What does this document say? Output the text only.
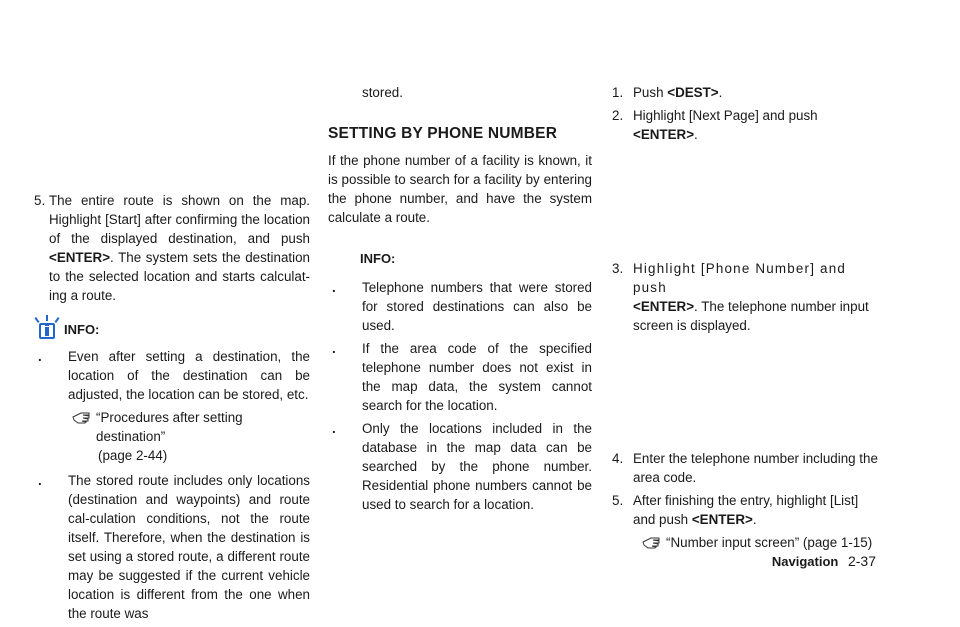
5. The entire route is shown on the map. Highlight [Start] after confirming the location of the displayed destination, and push <ENTER>. The system sets the destination to the selected location and starts calculat-ing a route.
INFO:
.	Even after setting a destination, the location of the destination can be adjusted, the location can be stored, etc.
“Procedures after setting destination”
(page 2-44)
.	The stored route includes only locations (destination and waypoints) and route cal-culation conditions, not the route itself. Therefore, when the destination is set using a stored route, a different route may be suggested if the current vehicle location is different from the one when the route was

stored.

SETTING BY PHONE NUMBER

If the phone number of a facility is known, it is possible to search for a facility by entering the phone number, and have the system calculate a route.

INFO:
.	Telephone numbers that were stored for stored destinations can also be used.
.	If the area code of the specified telephone number does not exist in the map data, the system cannot search for the location.
.	Only the locations included in the database in the map data can be searched by the phone number. Residential phone numbers cannot be used to search for a location.
1. Push <DEST>.
2. Highlight [Next Page] and push <ENTER>.
3. Highlight [Phone Number] and push
<ENTER>. The telephone number input screen is displayed.
4. Enter the telephone number including the area code.
5. After finishing the entry, highlight [List] and push <ENTER>.
“Number input screen” (page 1-15)
Navigation 2-37
